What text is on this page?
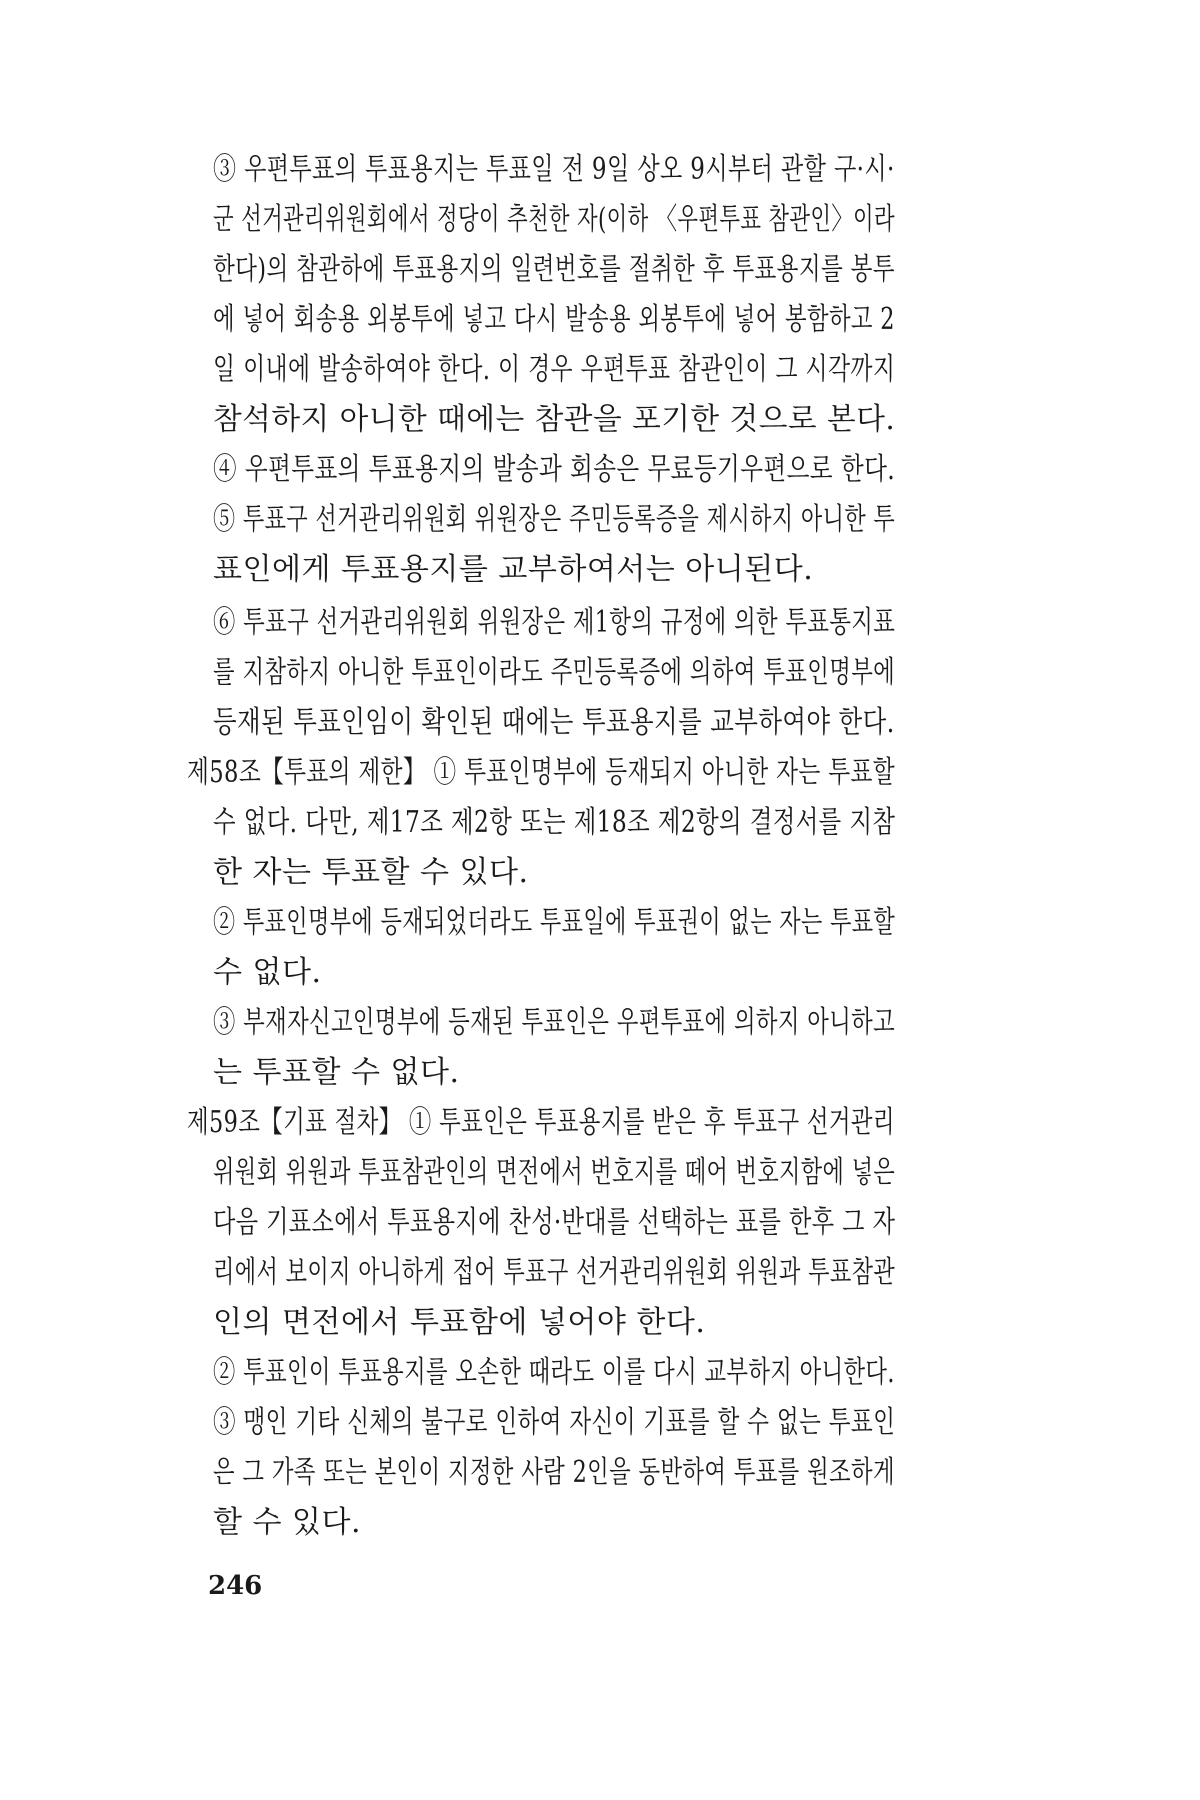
③ 우편투표의 투표용지는 투표일 전 9일 상오 9시부터 관할 구·시·
군 선거관리위원회에서 정당이 추천한 자(이하 〈우편투표 참관인〉이라
한다)의 참관하에 투표용지의 일련번호를 절취한 후 투표용지를 봉투
에 넣어 회송용 외봉투에 넣고 다시 발송용 외봉투에 넣어 봉함하고 2
일 이내에 발송하여야 한다. 이 경우 우편투표 참관인이 그 시각까지
참석하지 아니한 때에는 참관을 포기한 것으로 본다.
④ 우편투표의 투표용지의 발송과 회송은 무료등기우편으로 한다.
⑤ 투표구 선거관리위원회 위원장은 주민등록증을 제시하지 아니한 투
표인에게 투표용지를 교부하여서는 아니된다.
⑥ 투표구 선거관리위원회 위원장은 제1항의 규정에 의한 투표통지표
를 지참하지 아니한 투표인이라도 주민등록증에 의하여 투표인명부에
등재된 투표인임이 확인된 때에는 투표용지를 교부하여야 한다.
제58조【투표의 제한】 ① 투표인명부에 등재되지 아니한 자는 투표할
수 없다. 다만, 제17조 제2항 또는 제18조 제2항의 결정서를 지참
한 자는 투표할 수 있다.
② 투표인명부에 등재되었더라도 투표일에 투표권이 없는 자는 투표할
수 없다.
③ 부재자신고인명부에 등재된 투표인은 우편투표에 의하지 아니하고
는 투표할 수 없다.
제59조【기표 절차】 ① 투표인은 투표용지를 받은 후 투표구 선거관리
위원회 위원과 투표참관인의 면전에서 번호지를 떼어 번호지함에 넣은
다음 기표소에서 투표용지에 찬성·반대를 선택하는 표를 한후 그 자
리에서 보이지 아니하게 접어 투표구 선거관리위원회 위원과 투표참관
인의 면전에서 투표함에 넣어야 한다.
② 투표인이 투표용지를 오손한 때라도 이를 다시 교부하지 아니한다.
③ 맹인 기타 신체의 불구로 인하여 자신이 기표를 할 수 없는 투표인
은 그 가족 또는 본인이 지정한 사람 2인을 동반하여 투표를 원조하게
할 수 있다.
246
